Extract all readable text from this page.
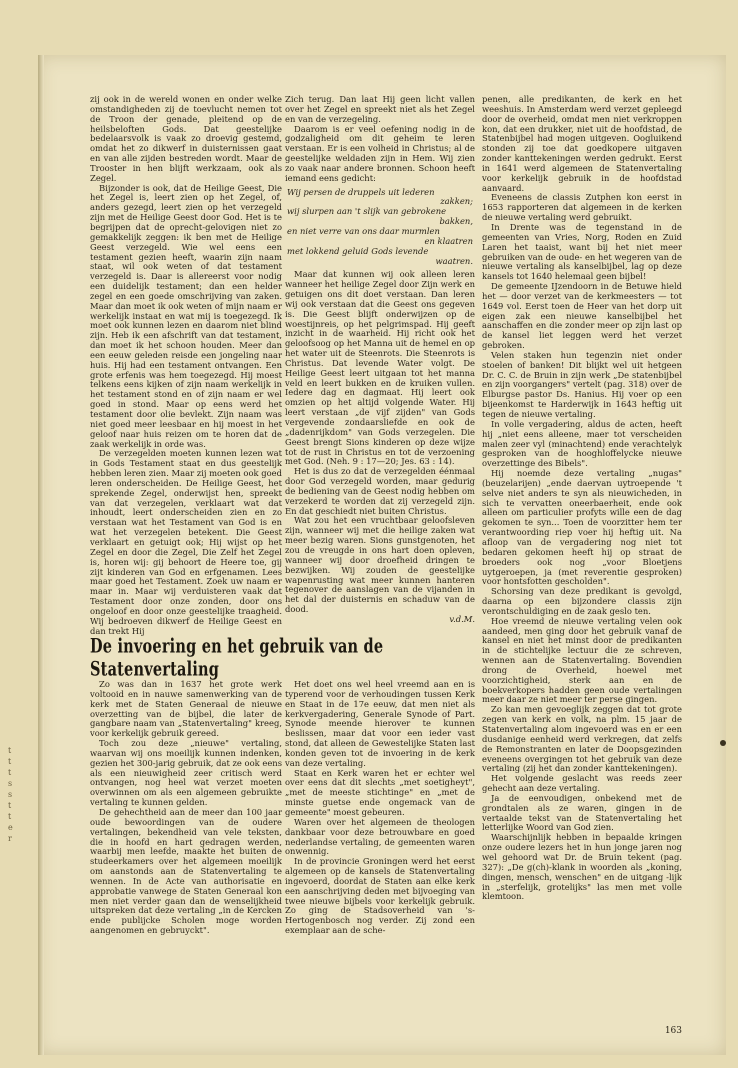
t
t
t
s
s
t
t
e
r

zij ook in de wereld wonen en onder welke omstandigheden zij de toevlucht nemen tot de Troon der genade, pleitend op de heilsbeloften Gods. Dat geestelijke bedelaarsvolk is vaak zo droevig gestemd, omdat het zo dikwerf in duisternissen gaat en van alle zijden bestreden wordt. Maar de Trooster in hen blijft werkzaam, ook als Zegel.

Bijzonder is ook, dat de Heilige Geest, Die het Zegel is, leert zien op het Zegel, of, anders gezegd, leert zien op het verzegeld zijn met de Heilige Geest door God. Het is te begrijpen dat de oprecht-gelovigen niet zo gemakkelijk zeggen: ik ben met de Heilige Geest verzegeld. Wie wel eens een testament gezien heeft, waarin zijn naam staat, wil ook weten of dat testament verzegeld is. Daar is allereerst voor nodig een duidelijk testament; dan een helder zegel en een goede omschrijving van zaken. Maar dan moet ik ook weten of mijn naam er werkelijk instaat en wat mij is toegezegd. Ik moet ook kunnen lezen en daarom niet blind zijn. Heb ik een afschrift van dat testament, dan moet ik het schoon houden. Meer dan een eeuw geleden reisde een jongeling naar huis. Hij had een testament ontvangen. Een grote erfenis was hem toegezegd. Hij moest telkens eens kijken of zijn naam werkelijk in het testament stond en of zijn naam er wel goed in stond. Maar op eens werd het testament door olie bevlekt. Zijn naam was niet goed meer leesbaar en hij moest in het geloof naar huis reizen om te horen dat de zaak werkelijk in orde was.

De verzegelden moeten kunnen lezen wat in Gods Testament staat en dus geestelijk hebben leren zien. Maar zij moeten ook goed leren onderscheiden. De Heilige Geest, het sprekende Zegel, onderwijst hen, spreekt van dat verzegelen, verklaart wat dat inhoudt, leert onderscheiden zien en zo verstaan wat het Testament van God is en wat het verzegelen betekent. Die Geest verklaart en getuigt ook; Hij wijst op het Zegel en door die Zegel, Die Zelf het Zegel is, horen wij: gij behoort de Heere toe, gij zijt kinderen van God en erfgenamen. Lees maar goed het Testament. Zoek uw naam er maar in. Maar wij verduisteren vaak dat Testament door onze zonden, door ons ongeloof en door onze geestelijke traagheid. Wij bedroeven dikwerf de Heilige Geest en dan trekt Hij

Zich terug. Dan laat Hij geen licht vallen over het Zegel en spreekt niet als het Zegel en van de verzegeling.

Daarom is er veel oefening nodig in de godzaligheid om dit geheim te leren verstaan. Er is een volheid in Christus; al de geestelijke weldaden zijn in Hem. Wij zien zo vaak naar andere bronnen. Schoon heeft iemand eens gedicht:

Wij persen de druppels uit lederen

zakken;

wij slurpen aan 't slijk van gebrokene

bakken,

en niet verre van ons daar murmlen

en klaatren

met lokkend geluid Gods levende

waatren.

Maar dat kunnen wij ook alleen leren wanneer het heilige Zegel door Zijn werk en getuigen ons dit doet verstaan. Dan leren wij ook verstaan dat die Geest ons gegeven is. Die Geest blijft onderwijzen op de woestijnreis, op het pelgrimspad. Hij geeft inzicht in de waarheid. Hij richt ook het geloofsoog op het Manna uit de hemel en op het water uit de Steenrots. Die Steenrots is Christus. Dat levende Water volgt. De Heilige Geest leert uitgaan tot het manna veld en leert bukken en de kruiken vullen. Iedere dag en dagmaat. Hij leert ook omzien op het altijd volgende Water. Hij leert verstaan „de vijf zijden" van Gods vergevende zondaarsliefde en ook de „dadenrijkdom" van Gods verzegelen. Die Geest brengt Sions kinderen op deze wijze tot de rust in Christus en tot de verzoening met God. (Neh. 9 : 17—20; Jes. 63 : 14).

Het is dus zo dat de verzegelden éénmaal door God verzegeld worden, maar gedurig de bediening van de Geest nodig hebben om verzekerd te worden dat zij verzegeld zijn. En dat geschiedt niet buiten Christus.

Wat zou het een vruchtbaar geloofsleven zijn, wanneer wij met die heilige zaken wat meer bezig waren. Sions gunstgenoten, het zou de vreugde in ons hart doen opleven, wanneer wij door droefheid dringen te bezwijken. Wij zouden de geestelijke wapenrusting wat meer kunnen hanteren tegenover de aanslagen van de vijanden in het dal der duisternis en schaduw van de dood.

v.d.M.

De invoering en het gebruik van de Statenvertaling

Zo was dan in 1637 het grote werk voltooid en in nauwe samenwerking van de kerk met de Staten Generaal de nieuwe overzetting van de bijbel, die later de gangbare naam van „Statenvertaling" kreeg, voor kerkelijk gebruik gereed.

Toch zou deze „nieuwe" vertaling, waarvan wij ons moeilijk kunnen indenken, gezien het 300-jarig gebruik, dat ze ook eens als een nieuwigheid zeer critisch werd ontvangen, nog heel wat verzet moeten overwinnen om als een algemeen gebruikte vertaling te kunnen gelden.

De gehechtheid aan de meer dan 100 jaar oude bewoordingen van de oudere vertalingen, bekendheid van vele teksten, die in hoofd en hart gedragen werden, waarbij men leefde, maakte het buiten de studeerkamers over het algemeen moeilijk om aanstonds aan de Statenvertaling te wennen. In de Acte van authorisatie en approbatie vanwege de Staten Generaal kon men niet verder gaan dan de wenselijkheid uitspreken dat deze vertaling „in de Kercken ende publijcke Scholen moge worden aangenomen en gebruyckt".

Het doet ons wel heel vreemd aan en is typerend voor de verhoudingen tussen Kerk en Staat in de 17e eeuw, dat men niet als kerkvergadering, Generale Synode of Part. Synode meende hierover te kunnen beslissen, maar dat voor een ieder vast stond, dat alleen de Gewestelijke Staten last konden geven tot de invoering in de kerk van deze vertaling.

Staat en Kerk waren het er echter wel over eens dat dit slechts „met soetigheyt", „met de meeste stichtinge" en „met de minste guetse ende ongemack van de gemeente" moest gebeuren.

Waren over het algemeen de theologen dankbaar voor deze betrouwbare en goed nederlandse vertaling, de gemeenten waren onwennig.

In de provincie Groningen werd het eerst algemeen op de kansels de Statenvertaling ingevoerd, doordat de Staten aan elke kerk een aanschrijving deden met bijvoeging van twee nieuwe bijbels voor kerkelijk gebruik. Zo ging de Stadsoverheid van 's-Hertogenbosch nog verder. Zij zond een exemplaar aan de sche-

penen, alle predikanten, de kerk en het weeshuis. In Amsterdam werd verzet gepleegd door de overheid, omdat men niet verkroppen kon, dat een drukker, niet uit de hoofdstad, de Statenbijbel had mogen uitgeven. Oogluikend stonden zij toe dat goedkopere uitgaven zonder kanttekeningen werden gedrukt. Eerst in 1641 werd algemeen de Statenvertaling voor kerkelijk gebruik in de hoofdstad aanvaard.

Eveneens de classis Zutphen kon eerst in 1653 rapporteren dat algemeen in de kerken de nieuwe vertaling werd gebruikt.

In Drente was de tegenstand in de gemeenten van Vries, Norg, Roden en Zuid Laren het taaist, want bij het niet meer gebruiken van de oude- en het wegeren van de nieuwe vertaling als kanselbijbel, lag op deze kansels tot 1640 helemaal geen bijbel!

De gemeente IJzendoorn in de Betuwe hield het — door verzet van de kerkmeesters — tot 1649 vol. Eerst toen de Heer van het dorp uit eigen zak een nieuwe kanselbijbel het aanschaffen en die zonder meer op zijn last op de kansel liet leggen werd het verzet gebroken.

Velen staken hun tegenzin niet onder stoelen of banken! Dit blijkt wel uit hetgeen Dr. C. C. de Bruin in zijn werk „De statenbijbel en zijn voorgangers" vertelt (pag. 318) over de Elburgse pastor Ds. Hanius. Hij voer op een bijeenkomst te Harderwijk in 1643 heftig uit tegen de nieuwe vertaling.

In volle vergadering, aldus de acten, heeft hij „niet eens alleene, maer tot verscheiden malen zeer vyl (minachtend) ende verachtelyk gesproken van de hooghloffelycke nieuwe overzettinge des Bibels".

Hij noemde deze vertaling „nugas" (beuzelarijen) „ende daervan uytroepende 't selve niet anders te syn als nieuwicheden, in sich te vervatten oneerbaerheit, ende ook alleen om particulier profyts wille een de dag gekomen te syn... Toen de voorzitter hem ter verantwoording riep voer hij heftig uit. Na afloop van de vergadering nog niet tot bedaren gekomen heeft hij op straat de broeders ook nog „voor Bloetjens uytgeroepen, ja (met reverentie gesproken) voor hontsfotten gescholden".

Schorsing van deze predikant is gevolgd, daarna op een bijzondere classis zijn verontschuldiging en de zaak geslo ten.

Hoe vreemd de nieuwe vertaling velen ook aandeed, men ging door het gebruik vanaf de kansel en niet het minst door de predikanten in de stichtelijke lectuur die ze schreven, wennen aan de Statenvertaling. Bovendien drong de Overheid, hoewel met voorzichtigheid, sterk aan en de boekverkopers hadden geen oude vertalingen meer daar ze niet meer ter perse gingen.

Zo kan men gevoeglijk zeggen dat tot grote zegen van kerk en volk, na plm. 15 jaar de Statenvertaling alom ingevoerd was en er een dusdanige eenheid werd verkregen, dat zelfs de Remonstranten en later de Doopsgezinden eveneens overgingen tot het gebruik van deze vertaling (zij het dan zonder kanttekeningen).

Het volgende geslacht was reeds zeer gehecht aan deze vertaling.

Ja de eenvoudigen, onbekend met de grondtalen als ze waren, gingen in de vertaalde tekst van de Statenvertaling het letterlijke Woord van God zien.

Waarschijnlijk hebben in bepaalde kringen onze oudere lezers het in hun jonge jaren nog wel gehoord wat Dr. de Bruin tekent (pag. 327): „De g(ch)-klank in woorden als „koning, dingen, mensch, wenschen" en de uitgang -lijk in „sterfelijk, grotelijks" las men met volle klemtoon.

163
